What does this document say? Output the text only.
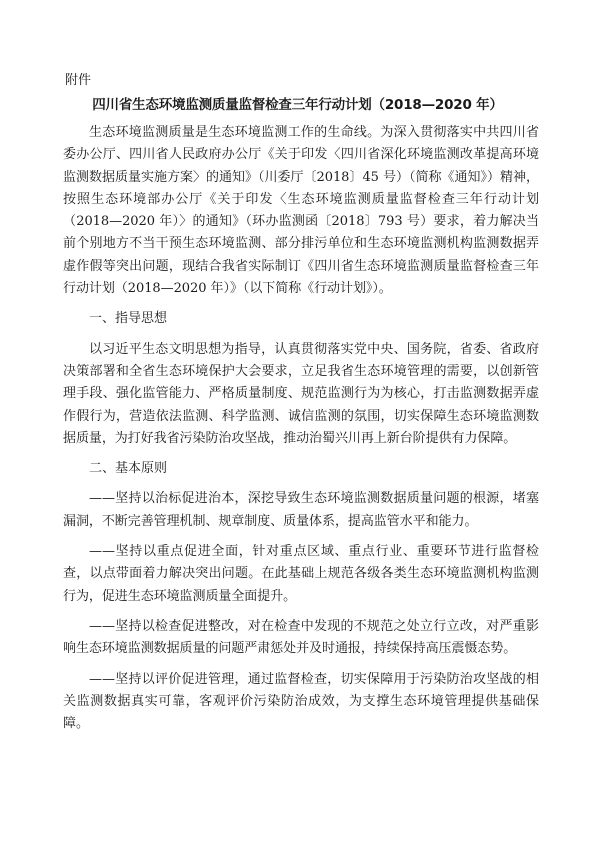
附件
四川省生态环境监测质量监督检查三年行动计划（2018—2020 年）

生态环境监测质量是生态环境监测工作的生命线。为深入贯彻落实中共四川省委办公厅、四川省人民政府办公厅《关于印发〈四川省深化环境监测改革提高环境监测数据质量实施方案〉的通知》（川委厅〔2018〕45 号）（简称《通知》）精神，按照生态环境部办公厅《关于印发〈生态环境监测质量监督检查三年行动计划（2018—2020 年）〉的通知》（环办监测函〔2018〕793 号）要求，着力解决当前个别地方不当干预生态环境监测、部分排污单位和生态环境监测机构监测数据弄虚作假等突出问题，现结合我省实际制订《四川省生态环境监测质量监督检查三年行动计划（2018—2020 年）》（以下简称《行动计划》）。

一、指导思想

以习近平生态文明思想为指导，认真贯彻落实党中央、国务院，省委、省政府决策部署和全省生态环境保护大会要求，立足我省生态环境管理的需要，以创新管理手段、强化监管能力、严格质量制度、规范监测行为为核心，打击监测数据弄虚作假行为，营造依法监测、科学监测、诚信监测的氛围，切实保障生态环境监测数据质量，为打好我省污染防治攻坚战，推动治蜀兴川再上新台阶提供有力保障。

二、基本原则

——坚持以治标促进治本，深挖导致生态环境监测数据质量问题的根源，堵塞漏洞，不断完善管理机制、规章制度、质量体系，提高监管水平和能力。

——坚持以重点促进全面，针对重点区域、重点行业、重要环节进行监督检查，以点带面着力解决突出问题。在此基础上规范各级各类生态环境监测机构监测行为，促进生态环境监测质量全面提升。

——坚持以检查促进整改，对在检查中发现的不规范之处立行立改，对严重影响生态环境监测数据质量的问题严肃惩处并及时通报，持续保持高压震慑态势。

——坚持以评价促进管理，通过监督检查，切实保障用于污染防治攻坚战的相关监测数据真实可靠，客观评价污染防治成效，为支撑生态环境管理提供基础保障。
